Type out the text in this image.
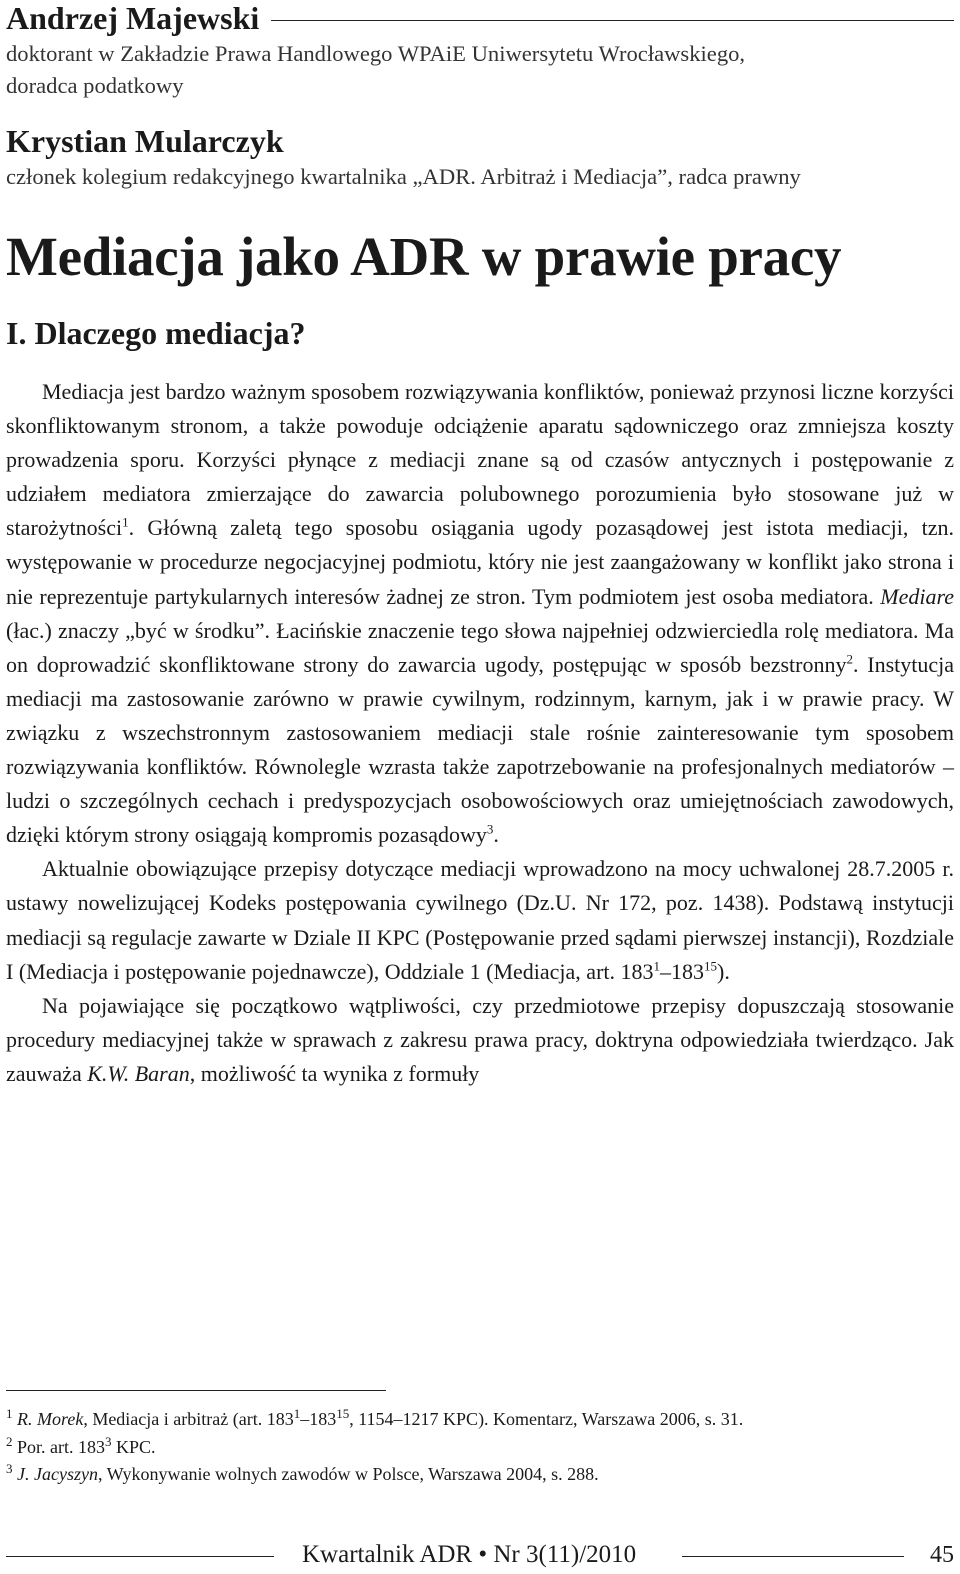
Andrzej Majewski
doktorant w Zakładzie Prawa Handlowego WPAiE Uniwersytetu Wrocławskiego,
doradca podatkowy
Krystian Mularczyk
członek kolegium redakcyjnego kwartalnika „ADR. Arbitraż i Mediacja”, radca prawny
Mediacja jako ADR w prawie pracy
I. Dlaczego mediacja?

Mediacja jest bardzo ważnym sposobem rozwiązywania konfliktów, ponieważ przynosi liczne korzyści skonfliktowanym stronom, a także powoduje odciążenie aparatu sądowniczego oraz zmniejsza koszty prowadzenia sporu. Korzyści płynące z mediacji znane są od czasów antycznych i postępowanie z udziałem mediatora zmierzające do zawarcia polubownego porozumienia było stosowane już w starożytności$^1$. Główną zaletą tego sposobu osiągania ugody pozasądowej jest istota mediacji, tzn. występowanie w procedurze negocjacyjnej podmiotu, który nie jest zaangażowany w konflikt jako strona i nie reprezentuje partykularnych interesów żadnej ze stron. Tym podmiotem jest osoba mediatora. Mediare (łac.) znaczy „być w środku”. Łacińskie znaczenie tego słowa najpełniej odzwierciedla rolę mediatora. Ma on doprowadzić skonfliktowane strony do zawarcia ugody, postępując w sposób bezstronny$^2$. Instytucja mediacji ma zastosowanie zarówno w prawie cywilnym, rodzinnym, karnym, jak i w prawie pracy. W związku z wszechstronnym zastosowaniem mediacji stale rośnie zainteresowanie tym sposobem rozwiązywania konfliktów. Równolegle wzrasta także zapotrzebowanie na profesjonalnych mediatorów – ludzi o szczególnych cechach i predyspozycjach osobowościowych oraz umiejętnościach zawodowych, dzięki którym strony osiągają kompromis pozasądowy$^3$.

Aktualnie obowiązujące przepisy dotyczące mediacji wprowadzono na mocy uchwalonej 28.7.2005 r. ustawy nowelizującej Kodeks postępowania cywilnego (Dz.U. Nr 172, poz. 1438). Podstawą instytucji mediacji są regulacje zawarte w Dziale II KPC (Postępowanie przed sądami pierwszej instancji), Rozdziale I (Mediacja i postępowanie pojednawcze), Oddziale 1 (Mediacja, art. $183^1-183^{15}$).

Na pojawiające się początkowo wątpliwości, czy przedmiotowe przepisy dopuszczają stosowanie procedury mediacyjnej także w sprawach z zakresu prawa pracy, doktryna odpowiedziała twierdząco. Jak zauważa K.W. Baran, możliwość ta wynika z formuły

$^1$ R. Morek, Mediacja i arbitraż (art. $183^1-183^{15}$, 1154–1217 KPC). Komentarz, Warszawa 2006, s. 31.
$^2$ Por. art. $183^3$ KPC.
$^3$ J. Jacyszyn, Wykonywanie wolnych zawodów w Polsce, Warszawa 2004, s. 288.
Kwartalnik ADR • Nr 3(11)/2010	45
